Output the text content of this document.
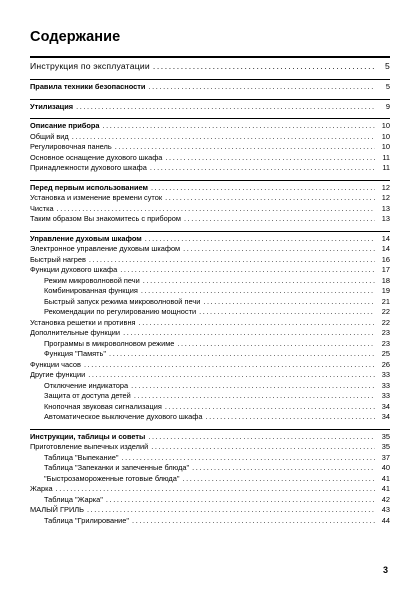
Содержание
Инструкция по эксплуатации .....	5
Правила техники безопасности .....	5
Утилизация .....	9
Описание прибора .....	10
Общий вид .....	10
Регулировочная панель .....	10
Основное оснащение духового шкафа .....	11
Принадлежности духового шкафа .....	11
Перед первым использованием .....	12
Установка и изменение времени суток .....	12
Чистка .....	13
Таким образом Вы знакомитесь с прибором .....	13
Управление духовым шкафом .....	14
Электронное управление духовым шкафом .....	14
Быстрый нагрев .....	16
Функции духового шкафа .....	17
Режим микроволновой печи .....	18
Комбинированная функция .....	19
Быстрый запуск режима микроволновой печи .....	21
Рекомендации по регулированию мощности .....	22
Установка решетки и противня .....	22
Дополнительные функции .....	23
Программы в микроволновом режиме .....	23
Функция "Память" .....	25
Функции часов .....	26
Другие функции .....	33
Отключение индикатора .....	33
Защита от доступа детей .....	33
Кнопочная звуковая сигнализация .....	34
Автоматическое выключение духового шкафа .....	34
Инструкции, таблицы и советы .....	35
Приготовление выпечных изделий .....	35
Таблица "Выпекание" .....	37
Таблица "Запеканки и запеченные блюда" .....	40
"Быстрозамороженные готовые блюда" .....	41
Жарка .....	41
Таблица "Жарка" .....	42
МАЛЫЙ ГРИЛЬ .....	43
Таблица "Грилирование" .....	44
3
